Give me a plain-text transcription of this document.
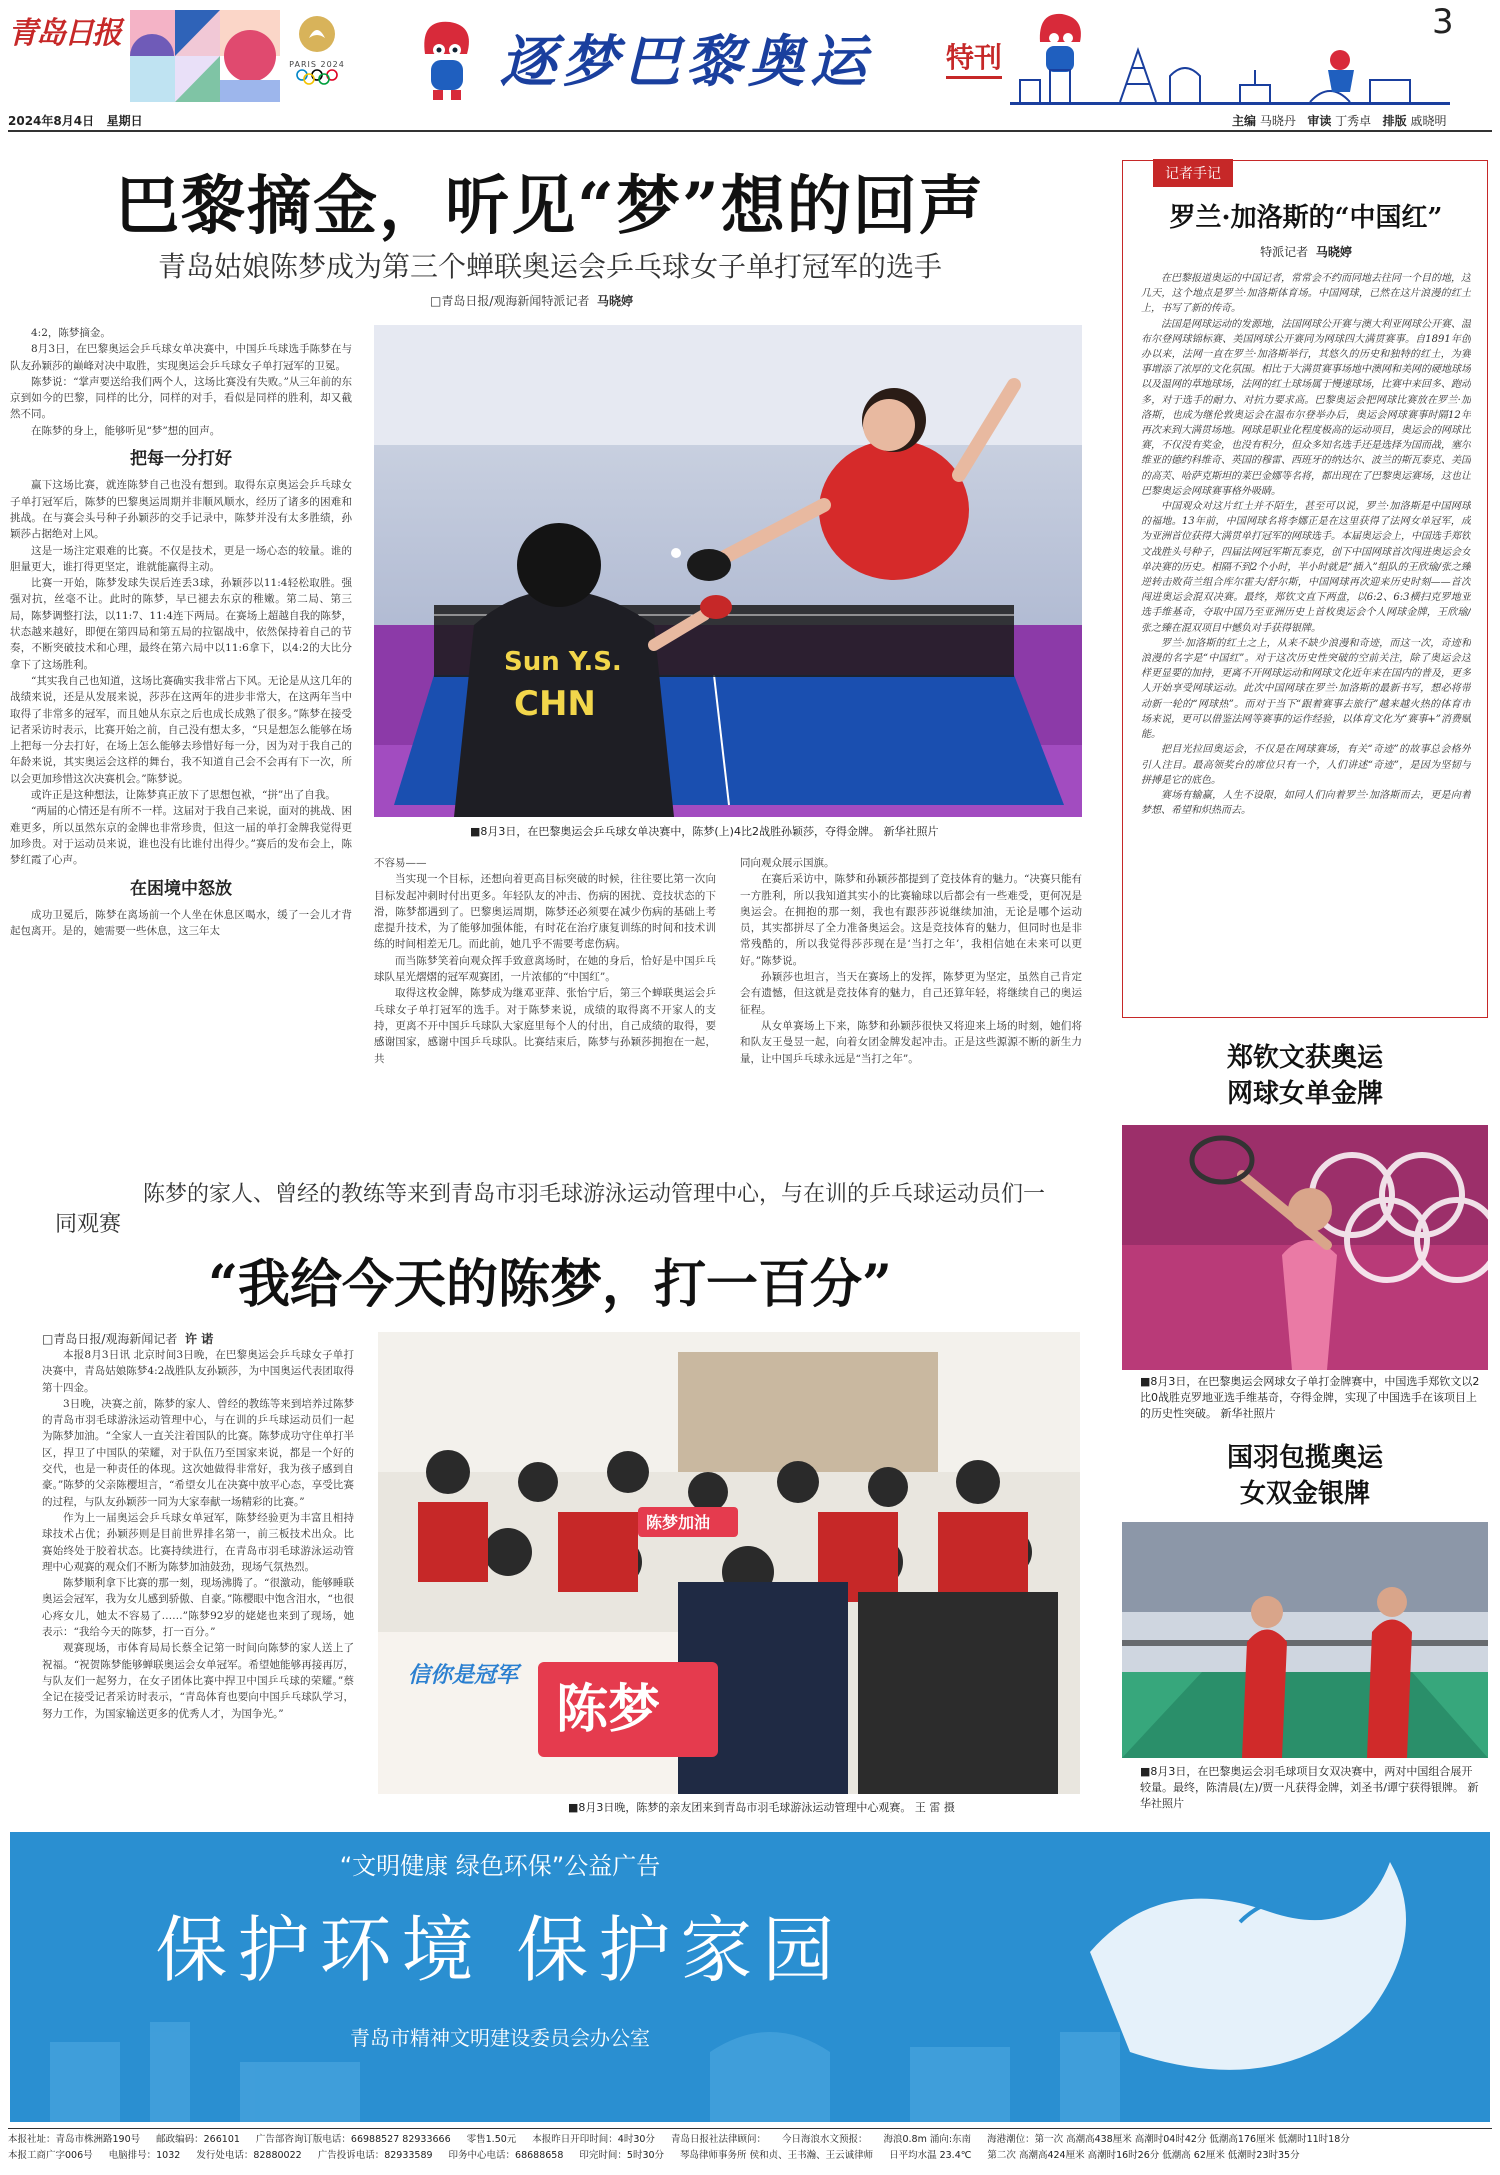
青岛日报
PARIS 2024	逐梦巴黎奥运	特刊
3
2024年8月4日 星期日	主编 马晓丹 审读 丁秀卓 排版 戚晓明
巴黎摘金，听见“梦”想的回声
青岛姑娘陈梦成为第三个蝉联奥运会乒乓球女子单打冠军的选手
□青岛日报/观海新闻特派记者 马晓婷

4:2，陈梦摘金。

8月3日，在巴黎奥运会乒乓球女单决赛中，中国乒乓球选手陈梦在与队友孙颖莎的巅峰对决中取胜，实现奥运会乒乓球女子单打冠军的卫冕。

陈梦说：“掌声要送给我们两个人，这场比赛没有失败。”从三年前的东京到如今的巴黎，同样的比分，同样的对手，看似是同样的胜利，却又截然不同。

在陈梦的身上，能够听见“梦”想的回声。

把每一分打好

赢下这场比赛，就连陈梦自己也没有想到。取得东京奥运会乒乓球女子单打冠军后，陈梦的巴黎奥运周期并非顺风顺水，经历了诸多的困难和挑战。在与赛会头号种子孙颖莎的交手记录中，陈梦并没有太多胜绩，孙颖莎占据绝对上风。

这是一场注定艰难的比赛。不仅是技术，更是一场心态的较量。谁的胆量更大，谁打得更坚定，谁就能赢得主动。

比赛一开始，陈梦发球失误后连丢3球，孙颖莎以11:4轻松取胜。强强对抗，丝毫不让。此时的陈梦，早已褪去东京的稚嫩。第二局、第三局，陈梦调整打法，以11:7、11:4连下两局。在赛场上超越自我的陈梦，状态越来越好，即便在第四局和第五局的拉锯战中，依然保持着自己的节奏，不断突破技术和心理，最终在第六局中以11:6拿下，以4:2的大比分拿下了这场胜利。

“其实我自己也知道，这场比赛确实我非常占下风。无论是从这几年的战绩来说，还是从发展来说，莎莎在这两年的进步非常大，在这两年当中取得了非常多的冠军，而且她从东京之后也成长成熟了很多。”陈梦在接受记者采访时表示，比赛开始之前，自己没有想太多，“只是想怎么能够在场上把每一分去打好，在场上怎么能够去珍惜好每一分，因为对于我自己的年龄来说，其实奥运会这样的舞台，我不知道自己会不会再有下一次，所以会更加珍惜这次决赛机会。”陈梦说。

或许正是这种想法，让陈梦真正放下了思想包袱，“拼”出了自我。

“两届的心情还是有所不一样。这届对于我自己来说，面对的挑战、困难更多，所以虽然东京的金牌也非常珍贵，但这一届的单打金牌我觉得更加珍贵。对于运动员来说，谁也没有比谁付出得少。”赛后的发布会上，陈梦红霞了心声。

在困境中怒放

成功卫冕后，陈梦在离场前一个人坐在休息区喝水，缓了一会儿才背起包离开。是的，她需要一些休息，这三年太

Sun Y.S.
CHN
■8月3日，在巴黎奥运会乒乓球女单决赛中，陈梦(上)4比2战胜孙颖莎，夺得金牌。 新华社照片

不容易——

当实现一个目标，还想向着更高目标突破的时候，往往要比第一次向目标发起冲刺时付出更多。年轻队友的冲击、伤病的困扰、竞技状态的下滑，陈梦都遇到了。巴黎奥运周期，陈梦还必须要在减少伤病的基础上考虑提升技术，为了能够加强体能，有时花在治疗康复训练的时间和技术训练的时间相差无几。而此前，她几乎不需要考虑伤病。

而当陈梦笑着向观众挥手致意离场时，在她的身后，恰好是中国乒乓球队星光熠熠的冠军观赛团，一片浓郁的“中国红”。

取得这枚金牌，陈梦成为继邓亚萍、张怡宁后，第三个蝉联奥运会乒乓球女子单打冠军的选手。对于陈梦来说，成绩的取得离不开家人的支持，更离不开中国乒乓球队大家庭里每个人的付出，自己成绩的取得，要感谢国家，感谢中国乒乓球队。比赛结束后，陈梦与孙颖莎拥抱在一起，共

同向观众展示国旗。

在赛后采访中，陈梦和孙颖莎都提到了竞技体育的魅力。“决赛只能有一方胜利，所以我知道其实小的比赛输球以后都会有一些难受，更何况是奥运会。在拥抱的那一刻，我也有跟莎莎说继续加油，无论是哪个运动员，其实都拼尽了全力准备奥运会。这是竞技体育的魅力，但同时也是非常残酷的，所以我觉得莎莎现在是‘当打之年’，我相信她在未来可以更好。”陈梦说。

孙颖莎也坦言，当天在赛场上的发挥，陈梦更为坚定，虽然自己肯定会有遗憾，但这就是竞技体育的魅力，自己还算年轻，将继续自己的奥运征程。

从女单赛场上下来，陈梦和孙颖莎很快又将迎来上场的时刻，她们将和队友王曼昱一起，向着女团金牌发起冲击。正是这些源源不断的新生力量，让中国乒乓球永远是“当打之年”。

记者手记
罗兰·加洛斯的“中国红”
特派记者 马晓婷

在巴黎报道奥运的中国记者，常常会不约而同地去往同一个目的地，这几天，这个地点是罗兰·加洛斯体育场。中国网球，已然在这片浪漫的红土上，书写了新的传奇。

法国是网球运动的发源地，法国网球公开赛与澳大利亚网球公开赛、温布尔登网球锦标赛、美国网球公开赛同为网球四大满贯赛事。自1891年创办以来，法网一直在罗兰·加洛斯举行，其悠久的历史和独特的红土，为赛事增添了浓厚的文化氛围。相比于大满贯赛事场地中澳网和美网的硬地球场以及温网的草地球场，法网的红土球场属于慢速球场，比赛中来回多、跑动多，对于选手的耐力、对抗力要求高。巴黎奥运会把网球比赛放在罗兰·加洛斯，也成为继伦敦奥运会在温布尔登举办后，奥运会网球赛事时隔12年再次来到大满贯场地。网球是职业化程度极高的运动项目，奥运会的网球比赛，不仅没有奖金，也没有积分，但众多知名选手还是选择为国而战，塞尔维亚的德约科维奇、英国的穆雷、西班牙的纳达尔、波兰的斯瓦泰克、美国的高芙、哈萨克斯坦的莱巴金娜等名将，都出现在了巴黎奥运赛场，这也让巴黎奥运会网球赛事格外吸睛。

中国观众对这片红土并不陌生，甚至可以说，罗兰·加洛斯是中国网球的福地。13年前，中国网球名将李娜正是在这里获得了法网女单冠军，成为亚洲首位获得大满贯单打冠军的网球选手。本届奥运会上，中国选手郑钦文战胜头号种子，四届法网冠军斯瓦泰克，创下中国网球首次闯进奥运会女单决赛的历史。相隔不到2个小时，半小时就是“插入”组队的王欣瑜/张之臻逆转击败荷兰组合库尔霍夫/舒尔斯，中国网球再次迎来历史时刻——首次闯进奥运会混双决赛。最终，郑钦文直下两盘，以6:2、6:3横扫克罗地亚选手维基奇，夺取中国乃至亚洲历史上首枚奥运会个人网球金牌，王欣瑜/张之臻在混双项目中憾负对手获得银牌。

罗兰·加洛斯的红土之上，从来不缺少浪漫和奇迹，而这一次，奇迹和浪漫的名字是“中国红”。对于这次历史性突破的空前关注，除了奥运会这样更显要的加持，更离不开网球运动和网球文化近年来在国内的普及，更多人开始享受网球运动。此次中国网球在罗兰·加洛斯的最新书写，想必将带动新一轮的“网球热”。而对于当下“跟着赛事去旅行”越来越火热的体育市场来说，更可以借鉴法网等赛事的运作经验，以体育文化为“赛事+”消费赋能。

把目光拉回奥运会，不仅是在网球赛场，有关“奇迹”的故事总会格外引人注目。最高领奖台的席位只有一个，人们讲述“奇迹”，是因为坚韧与拼搏是它的底色。

赛场有输赢，人生不设限，如同人们向着罗兰·加洛斯而去，更是向着梦想、希望和炽热而去。

郑钦文获奥运
网球女单金牌
■8月3日，在巴黎奥运会网球女子单打金牌赛中，中国选手郑钦文以2比0战胜克罗地亚选手维基奇，夺得金牌，实现了中国选手在该项目上的历史性突破。 新华社照片
国羽包揽奥运
女双金银牌
■8月3日，在巴黎奥运会羽毛球项目女双决赛中，两对中国组合展开较量。最终，陈清晨(左)/贾一凡获得金牌，刘圣书/谭宁获得银牌。 新华社照片
陈梦的家人、曾经的教练等来到青岛市羽毛球游泳运动管理中心，与在训的乒乓球运动员们一同观赛
“我给今天的陈梦，打一百分”
□青岛日报/观海新闻记者 许 诺

本报8月3日讯 北京时间3日晚，在巴黎奥运会乒乓球女子单打决赛中，青岛姑娘陈梦4:2战胜队友孙颖莎，为中国奥运代表团取得第十四金。

3日晚，决赛之前，陈梦的家人、曾经的教练等来到培养过陈梦的青岛市羽毛球游泳运动管理中心，与在训的乒乓球运动员们一起为陈梦加油。“全家人一直关注着国队的比赛。陈梦成功守住单打半区，捍卫了中国队的荣耀，对于队伍乃至国家来说，都是一个好的交代，也是一种责任的体现。这次她做得非常好，我为孩子感到自豪。”陈梦的父亲陈樱坦言，“希望女儿在决赛中放平心态，享受比赛的过程，与队友孙颖莎一同为大家奉献一场精彩的比赛。”

作为上一届奥运会乒乓球女单冠军，陈梦经验更为丰富且相持球技术占优；孙颖莎则是目前世界排名第一，前三板技术出众。比赛始终处于胶着状态。比赛持续进行，在青岛市羽毛球游泳运动管理中心观赛的观众们不断为陈梦加油鼓劲，现场气氛热烈。

陈梦顺利拿下比赛的那一刻，现场沸腾了。“很激动，能够睡联奥运会冠军，我为女儿感到骄傲、自豪。”陈樱眼中饱含泪水，“也很心疼女儿，她太不容易了……”陈梦92岁的姥姥也来到了现场，她表示：“我给今天的陈梦，打一百分。”

观赛现场，市体育局局长蔡全记第一时间向陈梦的家人送上了祝福。“祝贺陈梦能够蝉联奥运会女单冠军。希望她能够再接再厉，与队友们一起努力，在女子团体比赛中捍卫中国乒乓球的荣耀。”蔡全记在接受记者采访时表示，“青岛体育也要向中国乒乓球队学习，努力工作，为国家输送更多的优秀人才，为国争光。”	陈梦
陈梦加油
信你是冠军
■8月3日晚，陈梦的亲友团来到青岛市羽毛球游泳运动管理中心观赛。 王 雷 摄
“文明健康 绿色环保”公益广告
保护环境 保护家园
青岛市精神文明建设委员会办公室
本报社址：青岛市株洲路190号 邮政编码：266101 广告部咨询订版电话：66988527 82933666 零售1.50元 本报昨日开印时间：4时30分 青岛日报社法律顾问： 今日海浪水文预报： 海浪0.8m 涌向:东南 海港潮位：第一次 高潮高438厘米 高潮时04时42分 低潮高176厘米 低潮时11时18分
本报工商广字006号 电脑排号：1032 发行处电话：82880022 广告投诉电话：82933589 印务中心电话：68688658 印完时间：5时30分 琴岛律师事务所 侯和贞、王书瀚、王云诚律师 日平均水温 23.4℃ 第二次 高潮高424厘米 高潮时16时26分 低潮高 62厘米 低潮时23时35分
